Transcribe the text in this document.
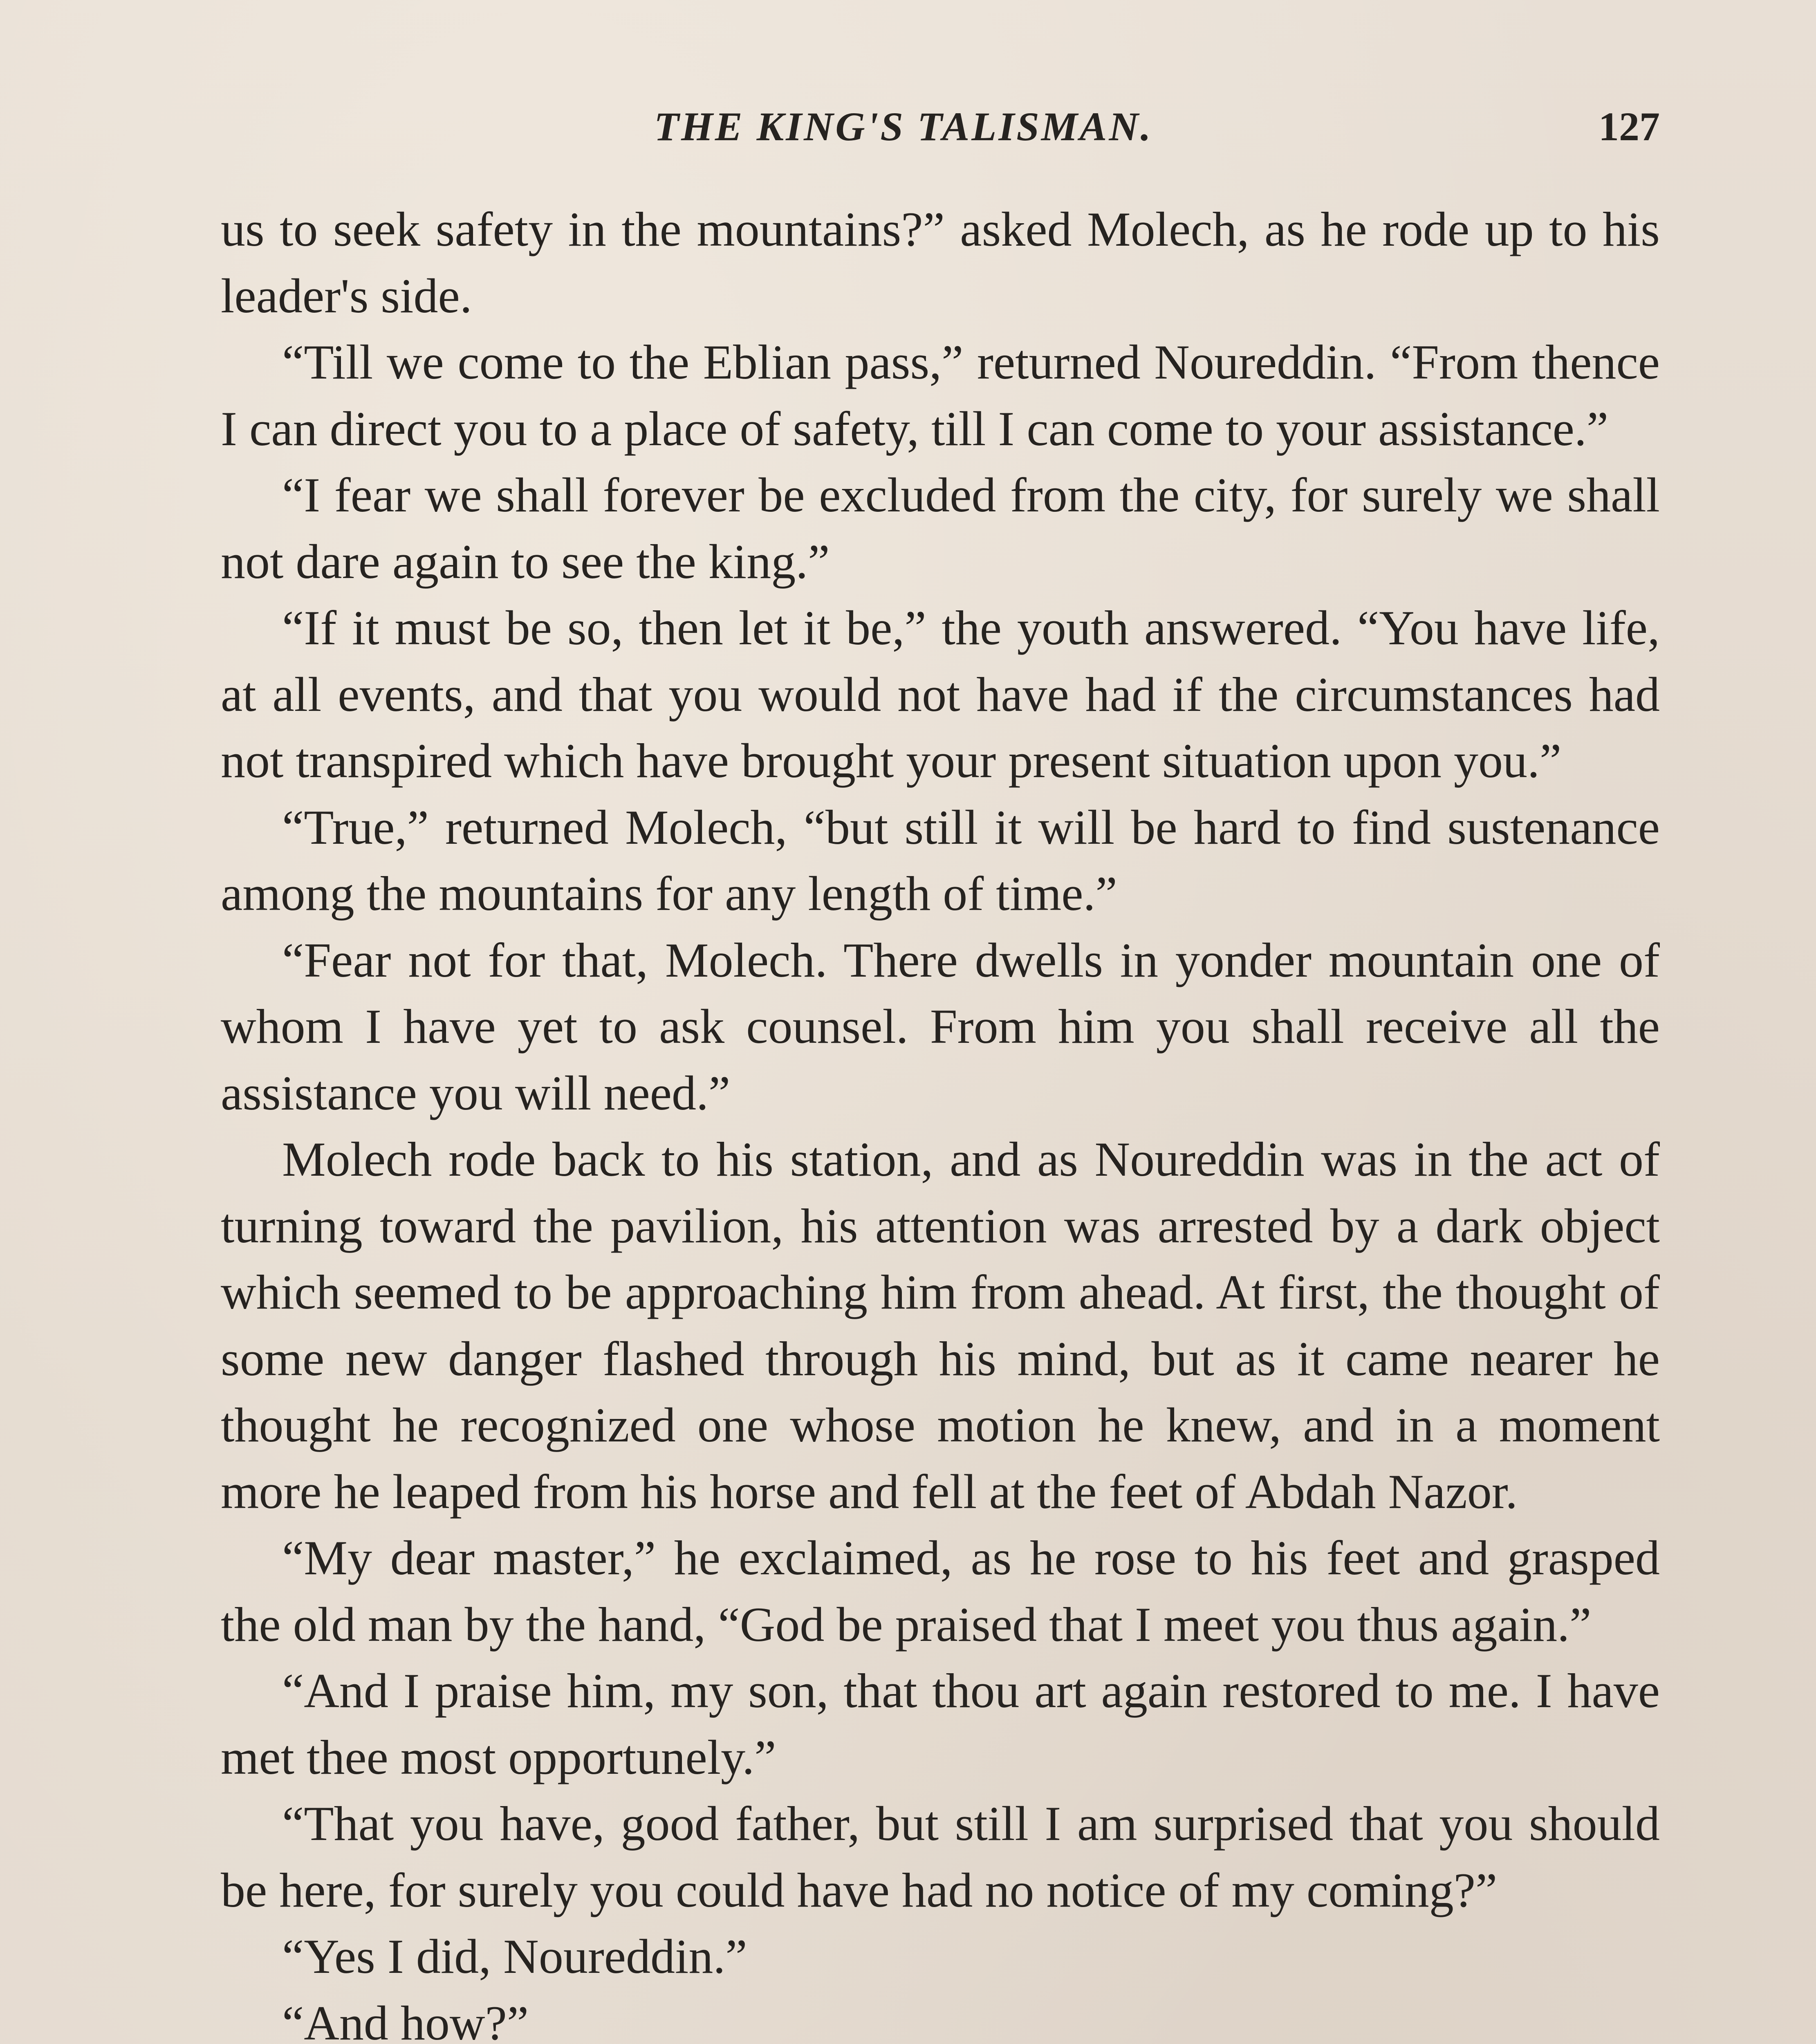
THE KING'S TALISMAN.	127

us to seek safety in the mountains?” asked Molech, as he rode up to his leader's side.

“Till we come to the Eblian pass,” returned Noureddin. “From thence I can direct you to a place of safety, till I can come to your assistance.”

“I fear we shall forever be excluded from the city, for surely we shall not dare again to see the king.”

“If it must be so, then let it be,” the youth answered. “You have life, at all events, and that you would not have had if the circumstances had not transpired which have brought your present situation upon you.”

“True,” returned Molech, “but still it will be hard to find sustenance among the mountains for any length of time.”

“Fear not for that, Molech. There dwells in yonder mountain one of whom I have yet to ask counsel. From him you shall receive all the assistance you will need.”

Molech rode back to his station, and as Noureddin was in the act of turning toward the pavilion, his attention was arrested by a dark object which seemed to be approaching him from ahead. At first, the thought of some new danger flashed through his mind, but as it came nearer he thought he recognized one whose motion he knew, and in a moment more he leaped from his horse and fell at the feet of Abdah Nazor.

“My dear master,” he exclaimed, as he rose to his feet and grasped the old man by the hand, “God be praised that I meet you thus again.”

“And I praise him, my son, that thou art again restored to me. I have met thee most opportunely.”

“That you have, good father, but still I am surprised that you should be here, for surely you could have had no notice of my coming?”

“Yes I did, Noureddin.”

“And how?”
